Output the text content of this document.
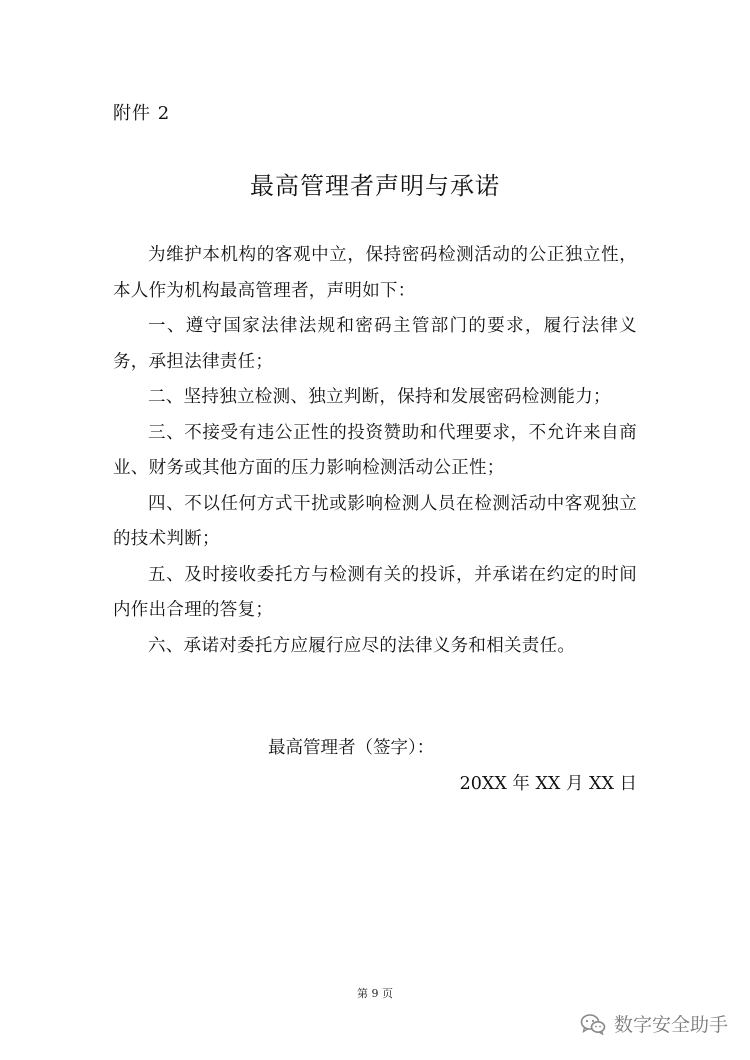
附件 2
最高管理者声明与承诺

为维护本机构的客观中立，保持密码检测活动的公正独立性，本人作为机构最高管理者，声明如下：

一、遵守国家法律法规和密码主管部门的要求，履行法律义务，承担法律责任；

二、坚持独立检测、独立判断，保持和发展密码检测能力；

三、不接受有违公正性的投资赞助和代理要求，不允许来自商业、财务或其他方面的压力影响检测活动公正性；

四、不以任何方式干扰或影响检测人员在检测活动中客观独立的技术判断；

五、及时接收委托方与检测有关的投诉，并承诺在约定的时间内作出合理的答复；

六、承诺对委托方应履行应尽的法律义务和相关责任。

最高管理者（签字）：
20XX 年 XX 月 XX 日
第 9 页
数字安全助手
